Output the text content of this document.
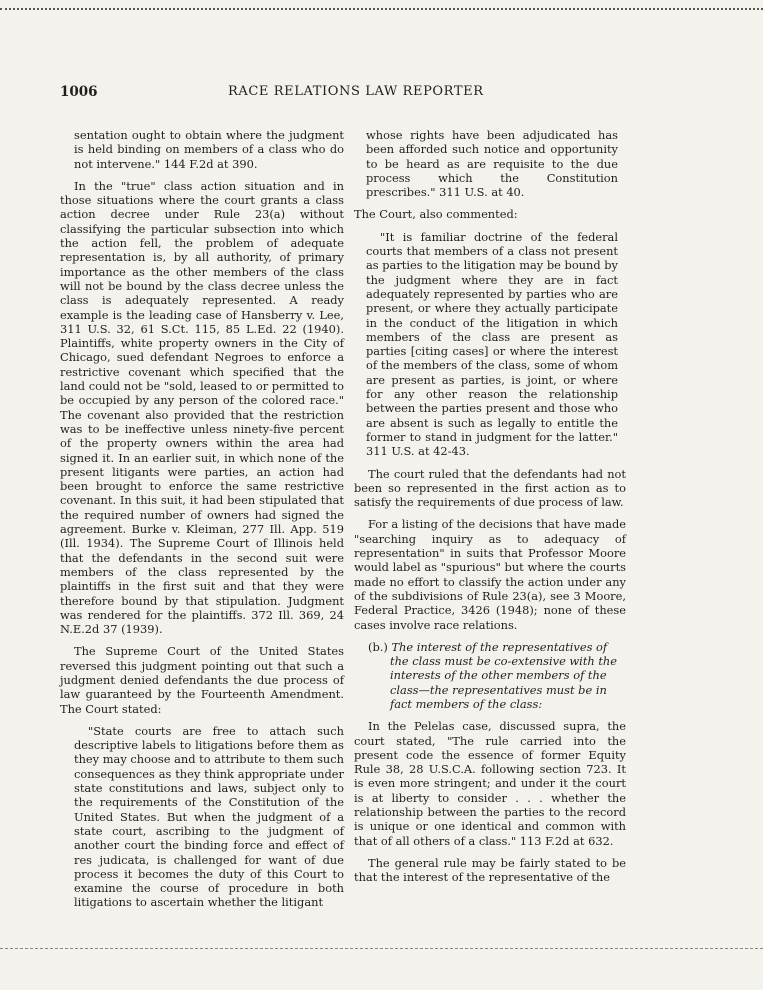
1006	RACE RELATIONS LAW REPORTER

sentation ought to obtain where the judgment is held binding on members of a class who do not intervene." 144 F.2d at 390.

In the "true" class action situation and in those situations where the court grants a class action decree under Rule 23(a) without classifying the particular subsection into which the action fell, the problem of adequate representation is, by all authority, of primary importance as the other members of the class will not be bound by the class decree unless the class is adequately represented. A ready example is the leading case of Hansberry v. Lee, 311 U.S. 32, 61 S.Ct. 115, 85 L.Ed. 22 (1940). Plaintiffs, white property owners in the City of Chicago, sued defendant Negroes to enforce a restrictive covenant which specified that the land could not be "sold, leased to or permitted to be occupied by any person of the colored race." The covenant also provided that the restriction was to be ineffective unless ninety-five percent of the property owners within the area had signed it. In an earlier suit, in which none of the present litigants were parties, an action had been brought to enforce the same restrictive covenant. In this suit, it had been stipulated that the required number of owners had signed the agreement. Burke v. Kleiman, 277 Ill. App. 519 (Ill. 1934). The Supreme Court of Illinois held that the defendants in the second suit were members of the class represented by the plaintiffs in the first suit and that they were therefore bound by that stipulation. Judgment was rendered for the plaintiffs. 372 Ill. 369, 24 N.E.2d 37 (1939).

The Supreme Court of the United States reversed this judgment pointing out that such a judgment denied defendants the due process of law guaranteed by the Fourteenth Amendment. The Court stated:

"State courts are free to attach such descriptive labels to litigations before them as they may choose and to attribute to them such consequences as they think appropriate under state constitutions and laws, subject only to the requirements of the Constitution of the United States. But when the judgment of a state court, ascribing to the judgment of another court the binding force and effect of res judicata, is challenged for want of due process it becomes the duty of this Court to examine the course of procedure in both litigations to ascertain whether the litigant

whose rights have been adjudicated has been afforded such notice and opportunity to be heard as are requisite to the due process which the Constitution prescribes." 311 U.S. at 40.

The Court, also commented:

"It is familiar doctrine of the federal courts that members of a class not present as parties to the litigation may be bound by the judgment where they are in fact adequately represented by parties who are present, or where they actually participate in the conduct of the litigation in which members of the class are present as parties [citing cases] or where the interest of the members of the class, some of whom are present as parties, is joint, or where for any other reason the relationship between the parties present and those who are absent is such as legally to entitle the former to stand in judgment for the latter." 311 U.S. at 42-43.

The court ruled that the defendants had not been so represented in the first action as to satisfy the requirements of due process of law.

For a listing of the decisions that have made "searching inquiry as to adequacy of representation" in suits that Professor Moore would label as "spurious" but where the courts made no effort to classify the action under any of the subdivisions of Rule 23(a), see 3 Moore, Federal Practice, 3426 (1948); none of these cases involve race relations.

(b.) The interest of the representatives of the class must be co-extensive with the interests of the other members of the class—the representatives must be in fact members of the class:

In the Pelelas case, discussed supra, the court stated, "The rule carried into the present code the essence of former Equity Rule 38, 28 U.S.C.A. following section 723. It is even more stringent; and under it the court is at liberty to consider . . . whether the relationship between the parties to the record is unique or one identical and common with that of all others of a class." 113 F.2d at 632.

The general rule may be fairly stated to be that the interest of the representative of the
